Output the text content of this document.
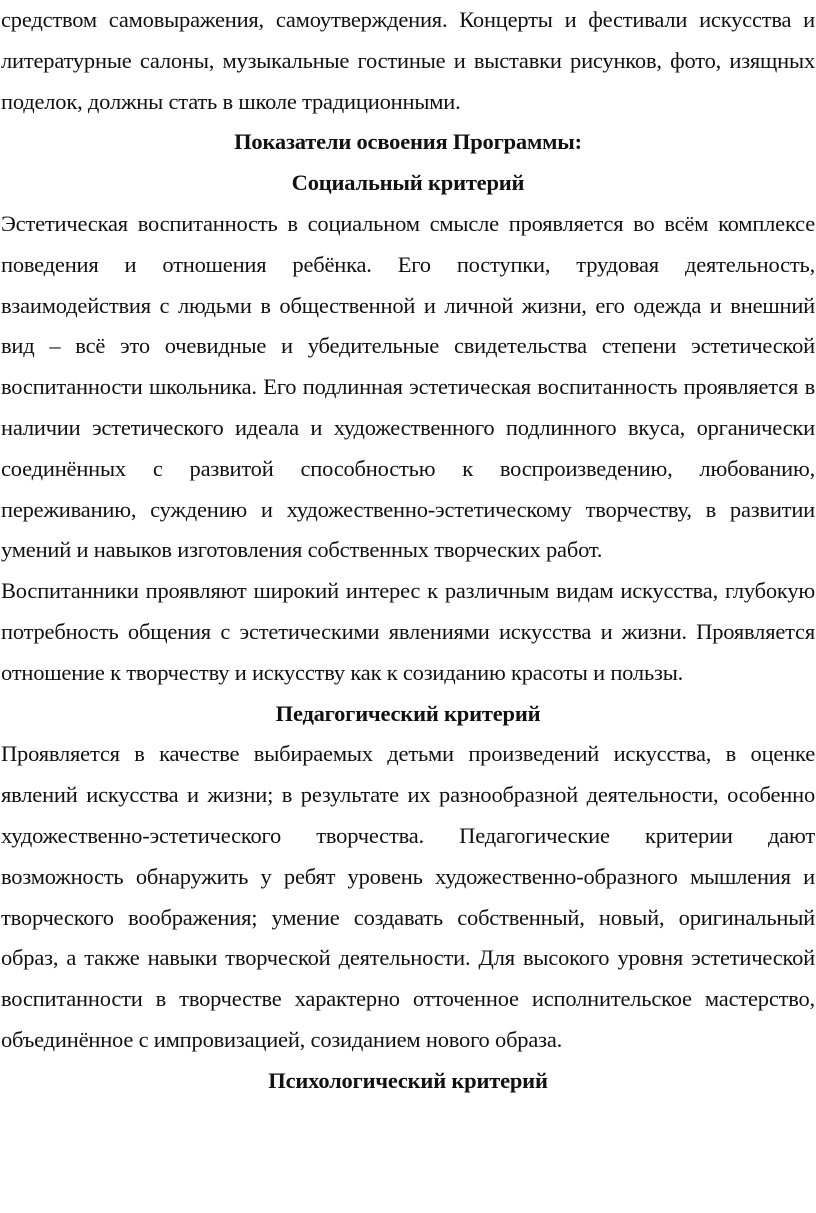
средством самовыражения, самоутверждения. Концерты и фестивали искусства и литературные салоны, музыкальные гостиные и выставки рисунков, фото, изящных поделок, должны стать в школе традиционными.

Показатели освоения Программы:

Социальный критерий

Эстетическая воспитанность в социальном смысле проявляется во всём комплексе поведения и отношения ребёнка. Его поступки, трудовая деятельность, взаимодействия с людьми в общественной и личной жизни, его одежда и внешний вид – всё это очевидные и убедительные свидетельства степени эстетической воспитанности школьника. Его подлинная эстетическая воспитанность проявляется в наличии эстетического идеала и художественного подлинного вкуса, органически соединённых с развитой способностью к воспроизведению, любованию, переживанию, суждению и художественно-эстетическому творчеству, в развитии умений и навыков изготовления собственных творческих работ.

Воспитанники проявляют широкий интерес к различным видам искусства, глубокую потребность общения с эстетическими явлениями искусства и жизни. Проявляется отношение к творчеству и искусству как к созиданию красоты и пользы.

Педагогический критерий

Проявляется в качестве выбираемых детьми произведений искусства, в оценке явлений искусства и жизни; в результате их разнообразной деятельности, особенно художественно-эстетического творчества. Педагогические критерии дают возможность обнаружить у ребят уровень художественно-образного мышления и творческого воображения; умение создавать собственный, новый, оригинальный образ, а также навыки творческой деятельности. Для высокого уровня эстетической воспитанности в творчестве характерно отточенное исполнительское мастерство, объединённое с импровизацией, созиданием нового образа.

Психологический критерий
